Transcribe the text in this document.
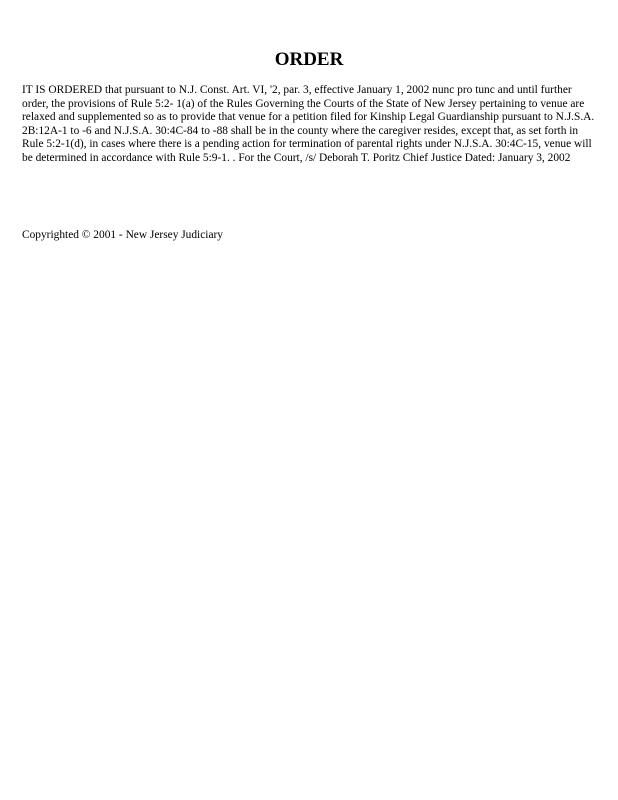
ORDER

IT IS ORDERED that pursuant to N.J. Const. Art. VI, '2, par. 3, effective January 1, 2002 nunc pro tunc and until further order, the provisions of Rule 5:2- 1(a) of the Rules Governing the Courts of the State of New Jersey pertaining to venue are relaxed and supplemented so as to provide that venue for a petition filed for Kinship Legal Guardianship pursuant to N.J.S.A. 2B:12A-1 to -6 and N.J.S.A. 30:4C-84 to -88 shall be in the county where the caregiver resides, except that, as set forth in Rule 5:2-1(d), in cases where there is a pending action for termination of parental rights under N.J.S.A. 30:4C-15, venue will be determined in accordance with Rule 5:9-1. . For the Court, /s/ Deborah T. Poritz Chief Justice Dated: January 3, 2002

Copyrighted © 2001 - New Jersey Judiciary
